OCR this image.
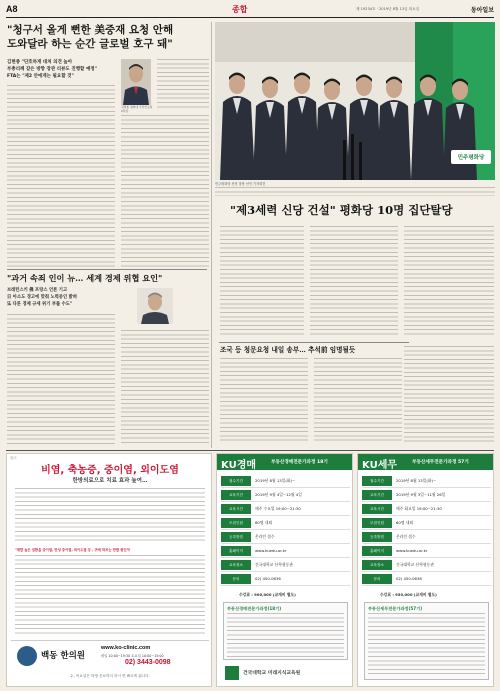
A8	종합	제 19234호 · 2019년 8월 13일 화요일	동아일보
"청구서 올게 뻔한 美중재 요청 안해
도와달라 하는 순간 글로벌 호구 돼"
김현종 "단호하게 대처 의견 높아
부총리께 같은 방향 장관 리뷰도 진행할 예정"
FTA는 "제2 안에게는 필요할 것"
김현종 청와대 국가안보실 2차장
"과거 속죄 인이 뉴… 세계 경제 위협 요인"
브레턴스키 佛 프랑스 언론 기고
日 아소도 경고에 맞춰 노력중인 밝혀
또 다른 경제 규세 위기 부를 수도"
민주평화당
민주평화당 신당 창당 선언 기자회견
"제3세력 신당 건설" 평화당 10명 집단탈당
조국 등 청문요청 내일 송부… 추석前 임명될듯
광고
비염, 축농증, 중이염, 외이도염
한방의료으로 치료 효과 높여…
"재발 높은 질환을 중이염, 만성 중이염, 외이도염 등 , 귀에 따르는 만할 원인야
백동 한의원
www.ko-clinic.com
평일 10:00~19:30 토요일 10:00~15:00
02) 3443-0098
수, 목요일은 학생 진료까지 하시 면 빠르게 됩니다.
KU경매	부동산경매전문가과정 18기
접수기간	2019년 8월 13일(화)~
교육기간	2019년 9월 4일~12월 4일
교육시간	매주 수요일 19:00~21:30
모집인원	60명 내외
등록방법	온라인 접수
홈페이지	www.kuedu.or.kr
교육장소	건국대학교 산학협동관
문의	02) 450-0636
수강료 : 900,000 (교재비 별도)
부동산경매전문가과정(18기)
건국대학교 미래지식교육원
KU세무	부동산세무전문가과정 57기
접수기간	2019년 8월 13일(화)~
교육기간	2019년 9월 3일~11월 26일
교육시간	매주 화요일 19:00~21:30
모집인원	60명 내외
등록방법	온라인 접수
홈페이지	www.kuedu.or.kr
교육장소	건국대학교 산학협동관
문의	02) 450-0636
수강료 : 950,000 (교재비 별도)
부동산세무전문가과정(57기)
